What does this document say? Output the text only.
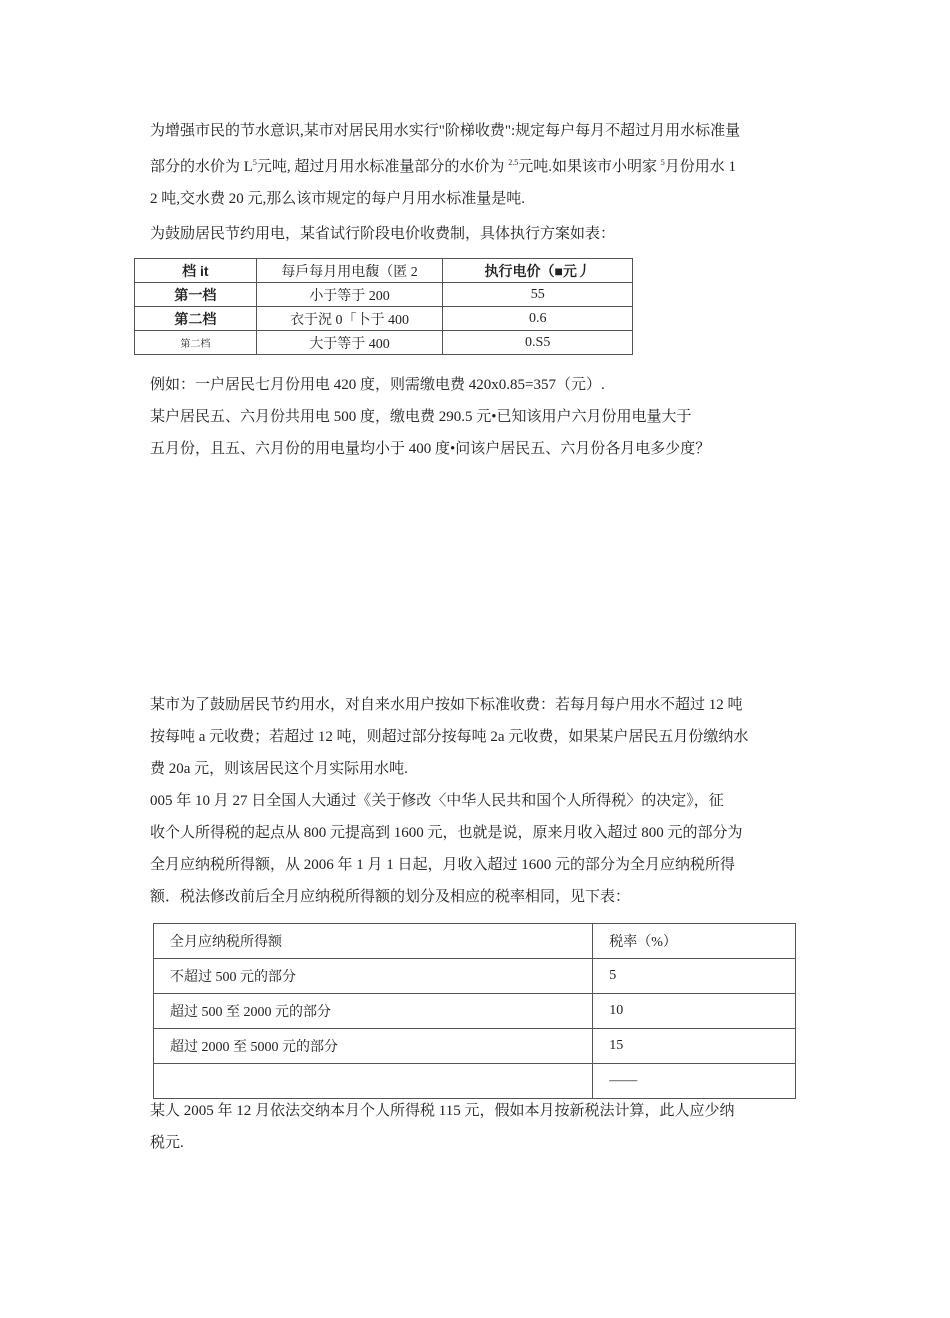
为增强市民的节水意识,某市对居民用水实行"阶梯收费":规定每户每月不超过月用水标准量
部分的水价为 $L^5$元吨, 超过月用水标准量部分的水价为 $^{2.5}$元吨.如果该市小明家 $^5$月份用水 1
2 吨,交水费 20 元,那么该市规定的每户月用水标准量是吨.
为鼓励居民节约用电，某省试行阶段电价收费制，具体执行方案如表：
档 it	每戶每月用电馥（匿 2	执行电价（■元丿
第一档	小于等于 200	55
第二档	衣于況 0「卜于 400	0.6
第二档	大于等于 400	0.S5
例如：一户居民七月份用电 420 度，则需缴电费 420x0.85=357（元）.
某户居民五、六月份共用电 500 度，缴电费 290.5 元•已知该用户六月份用电量大于
五月份，且五、六月份的用电量均小于 400 度•问该户居民五、六月份各月电多少度？
某市为了鼓励居民节约用水，对自来水用户按如下标准收费：若每月每户用水不超过 12 吨
按每吨 a 元收费；若超过 12 吨，则超过部分按每吨 2a 元收费，如果某户居民五月份缴纳水
费 20a 元，则该居民这个月实际用水吨.
005 年 10 月 27 日全国人大通过《关于修改〈中华人民共和国个人所得税〉的决定》，征
收个人所得税的起点从 800 元提高到 1600 元，也就是说，原来月收入超过 800 元的部分为
全月应纳税所得额，从 2006 年 1 月 1 日起，月收入超过 1600 元的部分为全月应纳税所得
额．税法修改前后全月应纳税所得额的划分及相应的税率相同，见下表：
全月应纳税所得额	税率（%）
不超过 500 元的部分	5
超过 500 至 2000 元的部分	10
超过 2000 至 5000 元的部分	15
	——
某人 2005 年 12 月依法交纳本月个人所得税 115 元，假如本月按新税法计算，此人应少纳
税元.
